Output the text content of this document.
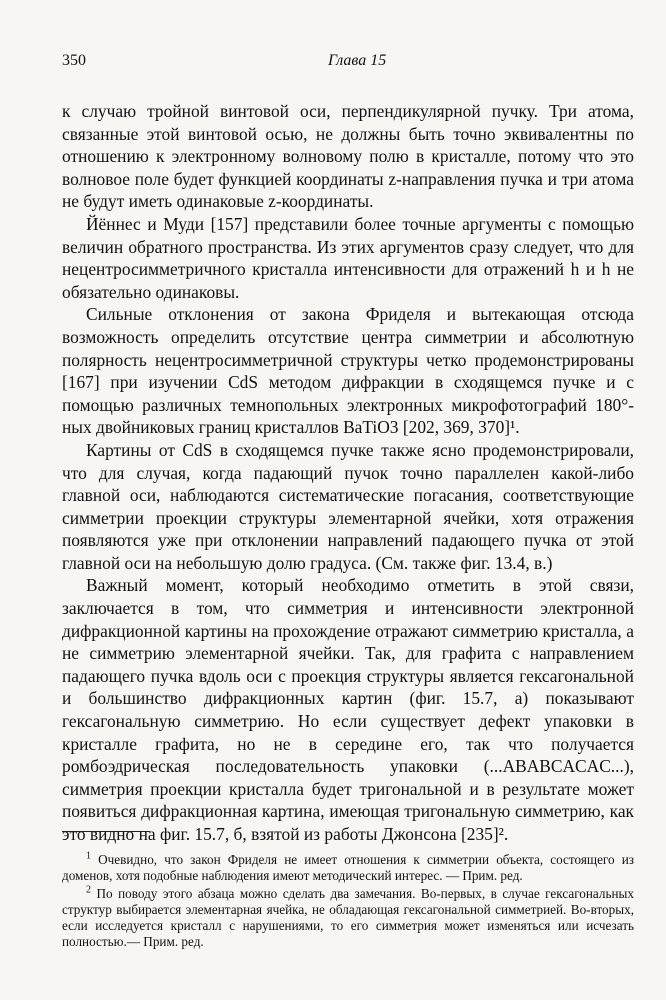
350	Глава 15

к случаю тройной винтовой оси, перпендикулярной пучку. Три атома, связанные этой винтовой осью, не должны быть точно эквивалентны по отношению к электронному волновому полю в кристалле, потому что это волновое поле будет функцией координаты z-направления пучка и три атома не будут иметь одинаковые z-координаты.

Йённес и Муди [157] представили более точные аргументы с помощью величин обратного пространства. Из этих аргументов сразу следует, что для нецентросимметричного кристалла интенсивности для отражений h и h не обязательно одинаковы.

Сильные отклонения от закона Фриделя и вытекающая отсюда возможность определить отсутствие центра симметрии и абсолютную полярность нецентросимметричной структуры четко продемонстрированы [167] при изучении CdS методом дифракции в сходящемся пучке и с помощью различных темнопольных электронных микрофотографий 180°-ных двойниковых границ кристаллов BaTiO3 [202, 369, 370]¹.

Картины от CdS в сходящемся пучке также ясно продемонстрировали, что для случая, когда падающий пучок точно параллелен какой-либо главной оси, наблюдаются систематические погасания, соответствующие симметрии проекции структуры элементарной ячейки, хотя отражения появляются уже при отклонении направлений падающего пучка от этой главной оси на небольшую долю градуса. (См. также фиг. 13.4, в.)

Важный момент, который необходимо отметить в этой связи, заключается в том, что симметрия и интенсивности электронной дифракционной картины на прохождение отражают симметрию кристалла, а не симметрию элементарной ячейки. Так, для графита с направлением падающего пучка вдоль оси c проекция структуры является гексагональной и большинство дифракционных картин (фиг. 15.7, а) показывают гексагональную симметрию. Но если существует дефект упаковки в кристалле графита, но не в середине его, так что получается ромбоэдрическая последовательность упаковки (...ABABCACAC...), симметрия проекции кристалла будет тригональной и в результате может появиться дифракционная картина, имеющая тригональную симметрию, как это видно на фиг. 15.7, б, взятой из работы Джонсона [235]².

$^1$ Очевидно, что закон Фриделя не имеет отношения к симметрии объекта, состоящего из доменов, хотя подобные наблюдения имеют методический интерес. — Прим. ред.

$^2$ По поводу этого абзаца можно сделать два замечания. Во-первых, в случае гексагональных структур выбирается элементарная ячейка, не обладающая гексагональной симметрией. Во-вторых, если исследуется кристалл с нарушениями, то его симметрия может изменяться или исчезать полностью.— Прим. ред.
